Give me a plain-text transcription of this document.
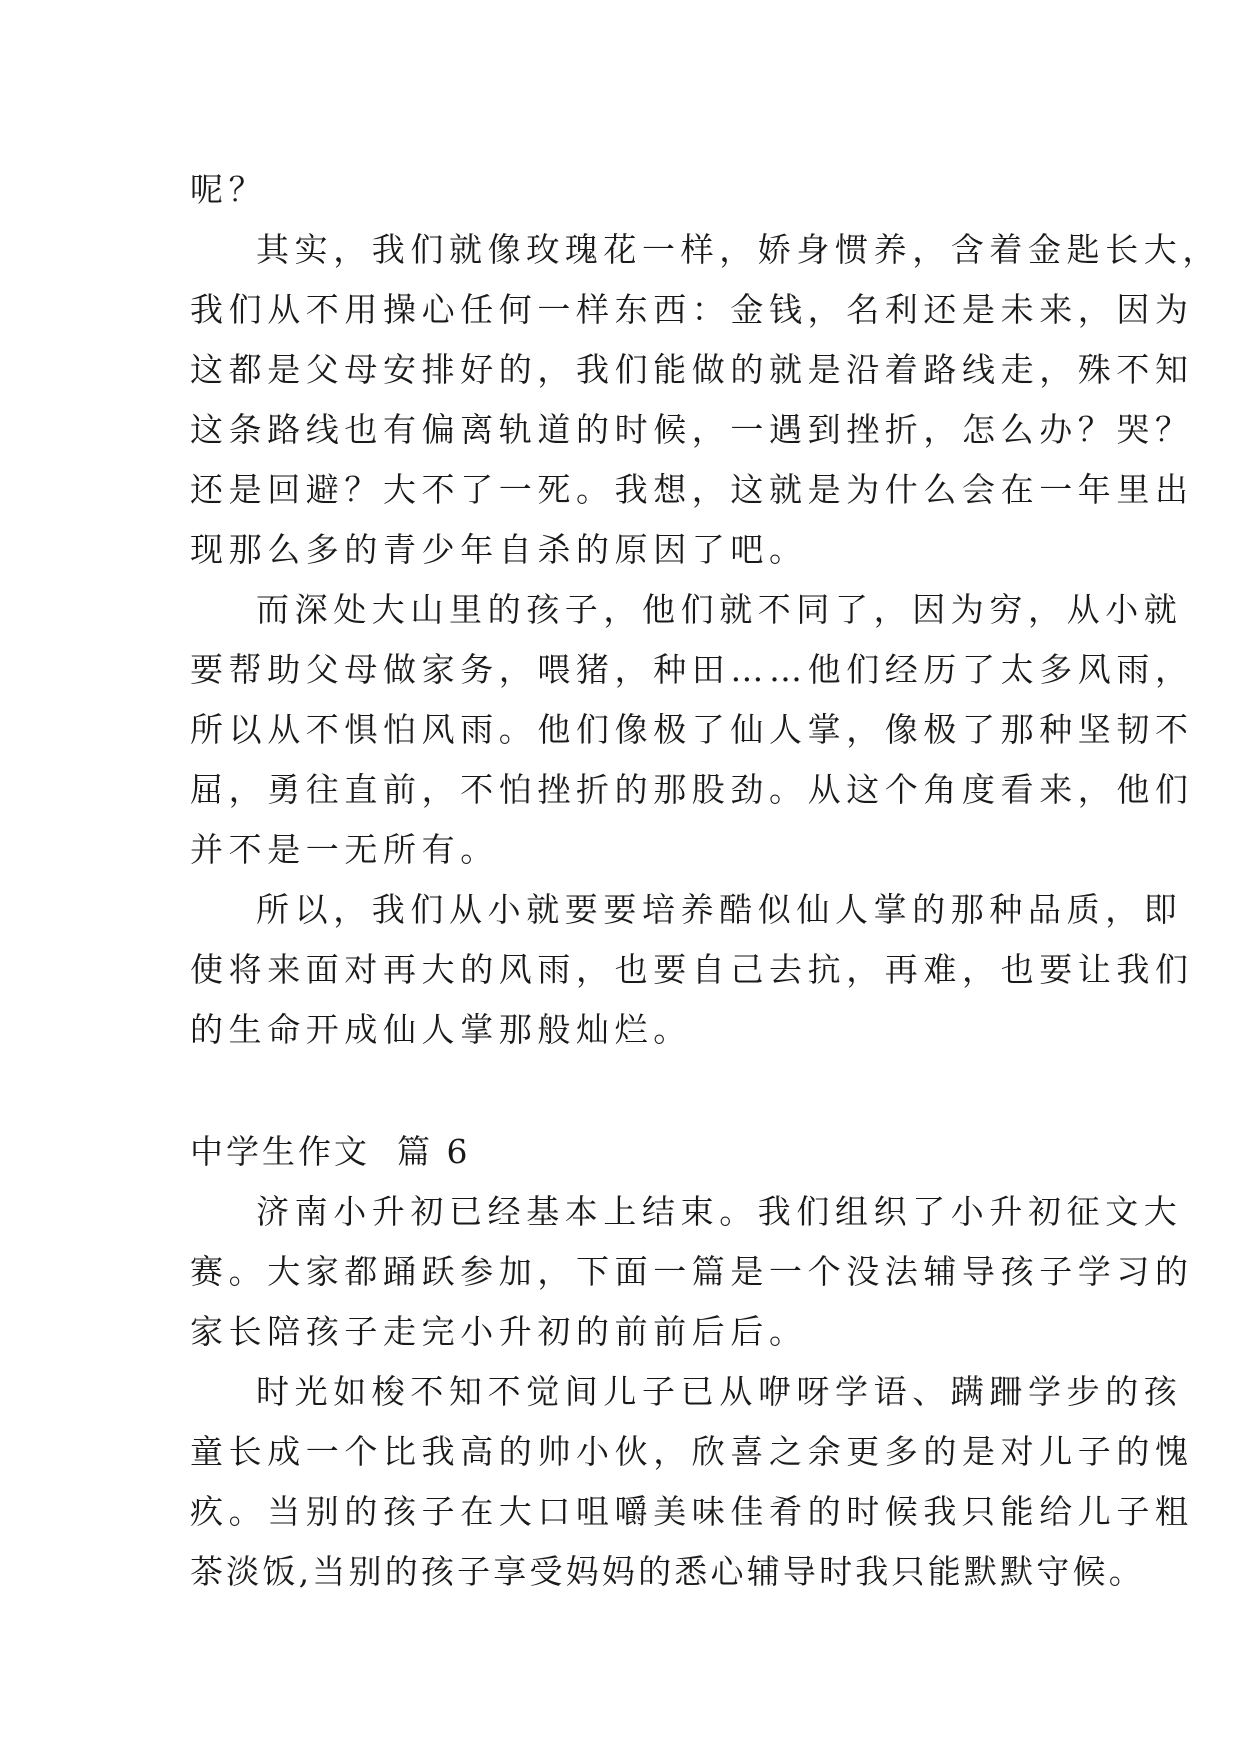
呢？

其实，我们就像玫瑰花一样，娇身惯养，含着金匙长大，
我们从不用操心任何一样东西：金钱，名利还是未来，因为
这都是父母安排好的，我们能做的就是沿着路线走，殊不知
这条路线也有偏离轨道的时候，一遇到挫折，怎么办？哭？
还是回避？大不了一死。我想，这就是为什么会在一年里出
现那么多的青少年自杀的原因了吧。

而深处大山里的孩子，他们就不同了，因为穷，从小就
要帮助父母做家务，喂猪，种田……他们经历了太多风雨，
所以从不惧怕风雨。他们像极了仙人掌，像极了那种坚韧不
屈，勇往直前，不怕挫折的那股劲。从这个角度看来，他们
并不是一无所有。

所以，我们从小就要要培养酷似仙人掌的那种品质，即
使将来面对再大的风雨，也要自己去抗，再难，也要让我们
的生命开成仙人掌那般灿烂。

中学生作文  篇 6

济南小升初已经基本上结束。我们组织了小升初征文大
赛。大家都踊跃参加，下面一篇是一个没法辅导孩子学习的
家长陪孩子走完小升初的前前后后。

时光如梭不知不觉间儿子已从咿呀学语、蹒跚学步的孩
童长成一个比我高的帅小伙，欣喜之余更多的是对儿子的愧
疚。当别的孩子在大口咀嚼美味佳肴的时候我只能给儿子粗
茶淡饭,当别的孩子享受妈妈的悉心辅导时我只能默默守候。
